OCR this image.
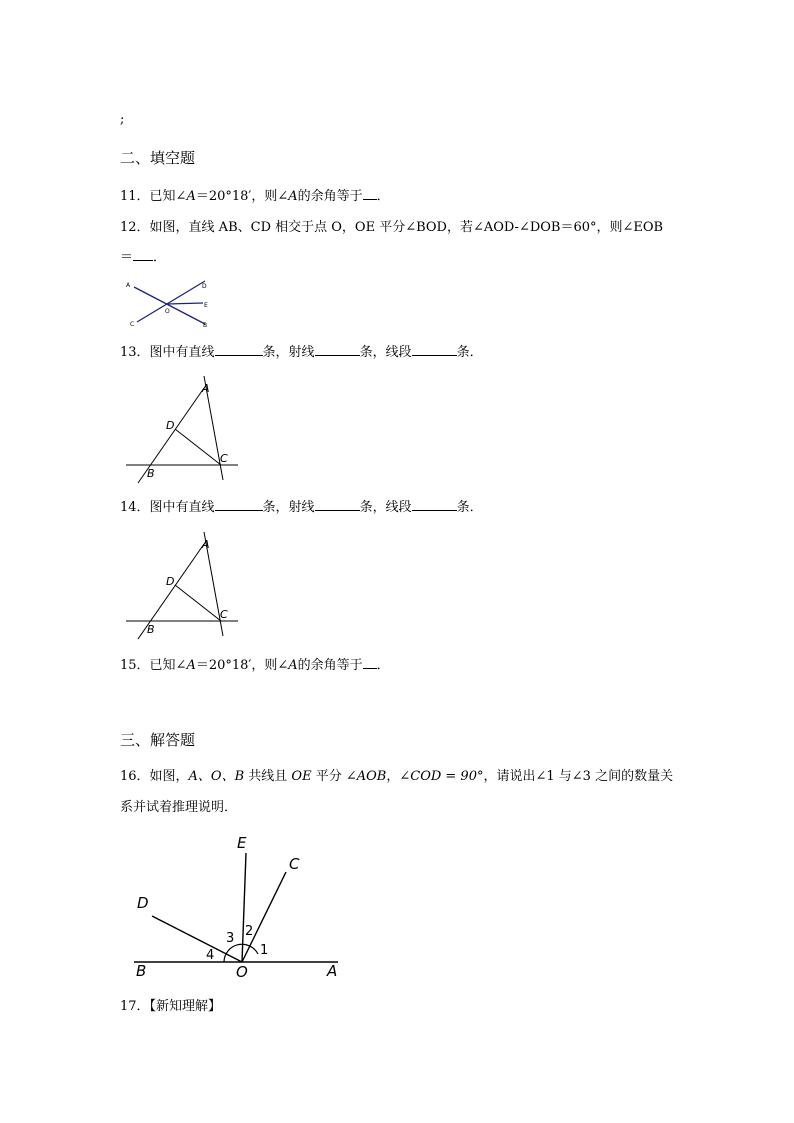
;
二、填空题
11．已知∠A＝20°18′，则∠A的余角等于 ．
12．如图，直线 AB、CD 相交于点 O，OE 平分∠BOD，若∠AOD-∠DOB＝60°，则∠EOB
＝ ．
A
C
O
D
E
B
13．图中有直线	条，射线	条，线段	条．
A
D
B
C
14．图中有直线	条，射线	条，线段	条．
A
D
B
C
15．已知∠A＝20°18′，则∠A的余角等于 ．
三、解答题
16．如图，A、O、B 共线且 OE 平分 ∠AOB，∠COD = 90°，请说出∠1 与∠3 之间的数量关
系并试着推理说明．
E
C
D
B	O	A
1
2
3
4
17．【新知理解】
